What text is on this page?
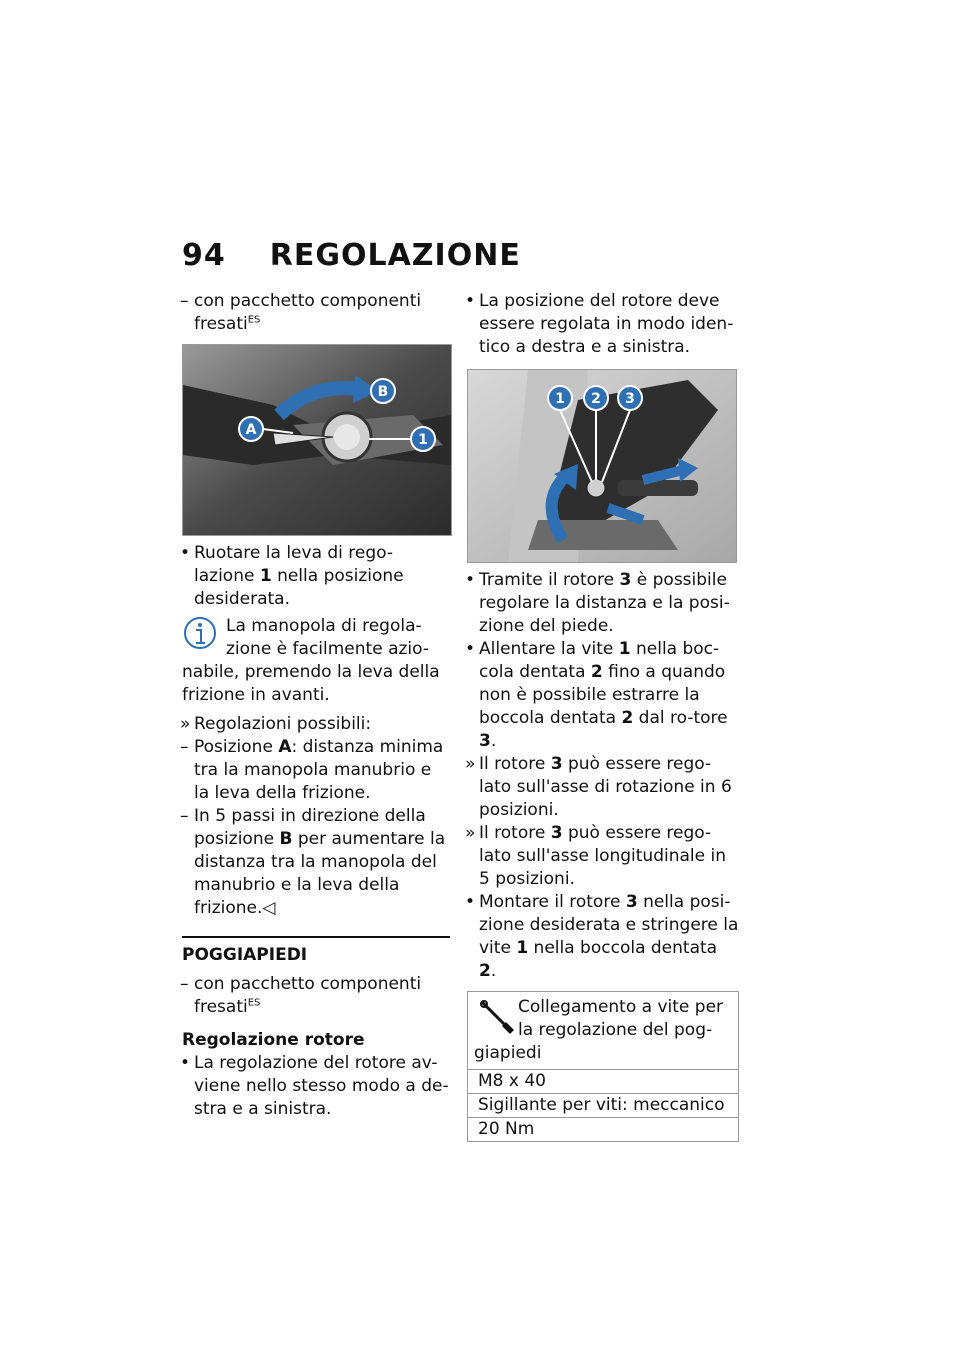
94 REGOLAZIONE

– con pacchetto componenti fresati$^{ES}$

A
B
1

• Ruotare la leva di rego-lazione 1 nella posizione desiderata.

La manopola di regola-zione è facilmente azio-
nabile, premendo la leva della frizione in avanti.

» Regolazioni possibili:

– Posizione A: distanza minima tra la manopola manubrio e la leva della frizione.

– In 5 passi in direzione della posizione B per aumentare la distanza tra la manopola del manubrio e la leva della frizione.◁

POGGIAPIEDI

– con pacchetto componenti fresati$^{ES}$

Regolazione rotore

• La regolazione del rotore av-viene nello stesso modo a de-stra e a sinistra.

• La posizione del rotore deve essere regolata in modo iden-tico a destra e a sinistra.

1 2 3

• Tramite il rotore 3 è possibile regolare la distanza e la posi-zione del piede.

• Allentare la vite 1 nella boc-cola dentata 2 fino a quando non è possibile estrarre la boccola dentata 2 dal ro-tore 3.

» Il rotore 3 può essere rego-lato sull'asse di rotazione in 6 posizioni.

» Il rotore 3 può essere rego-lato sull'asse longitudinale in 5 posizioni.

• Montare il rotore 3 nella posi-zione desiderata e stringere la vite 1 nella boccola dentata 2.

Collegamento a vite per la regolazione del pog-
giapiedi
M8 x 40
Sigillante per viti: meccanico
20 Nm
